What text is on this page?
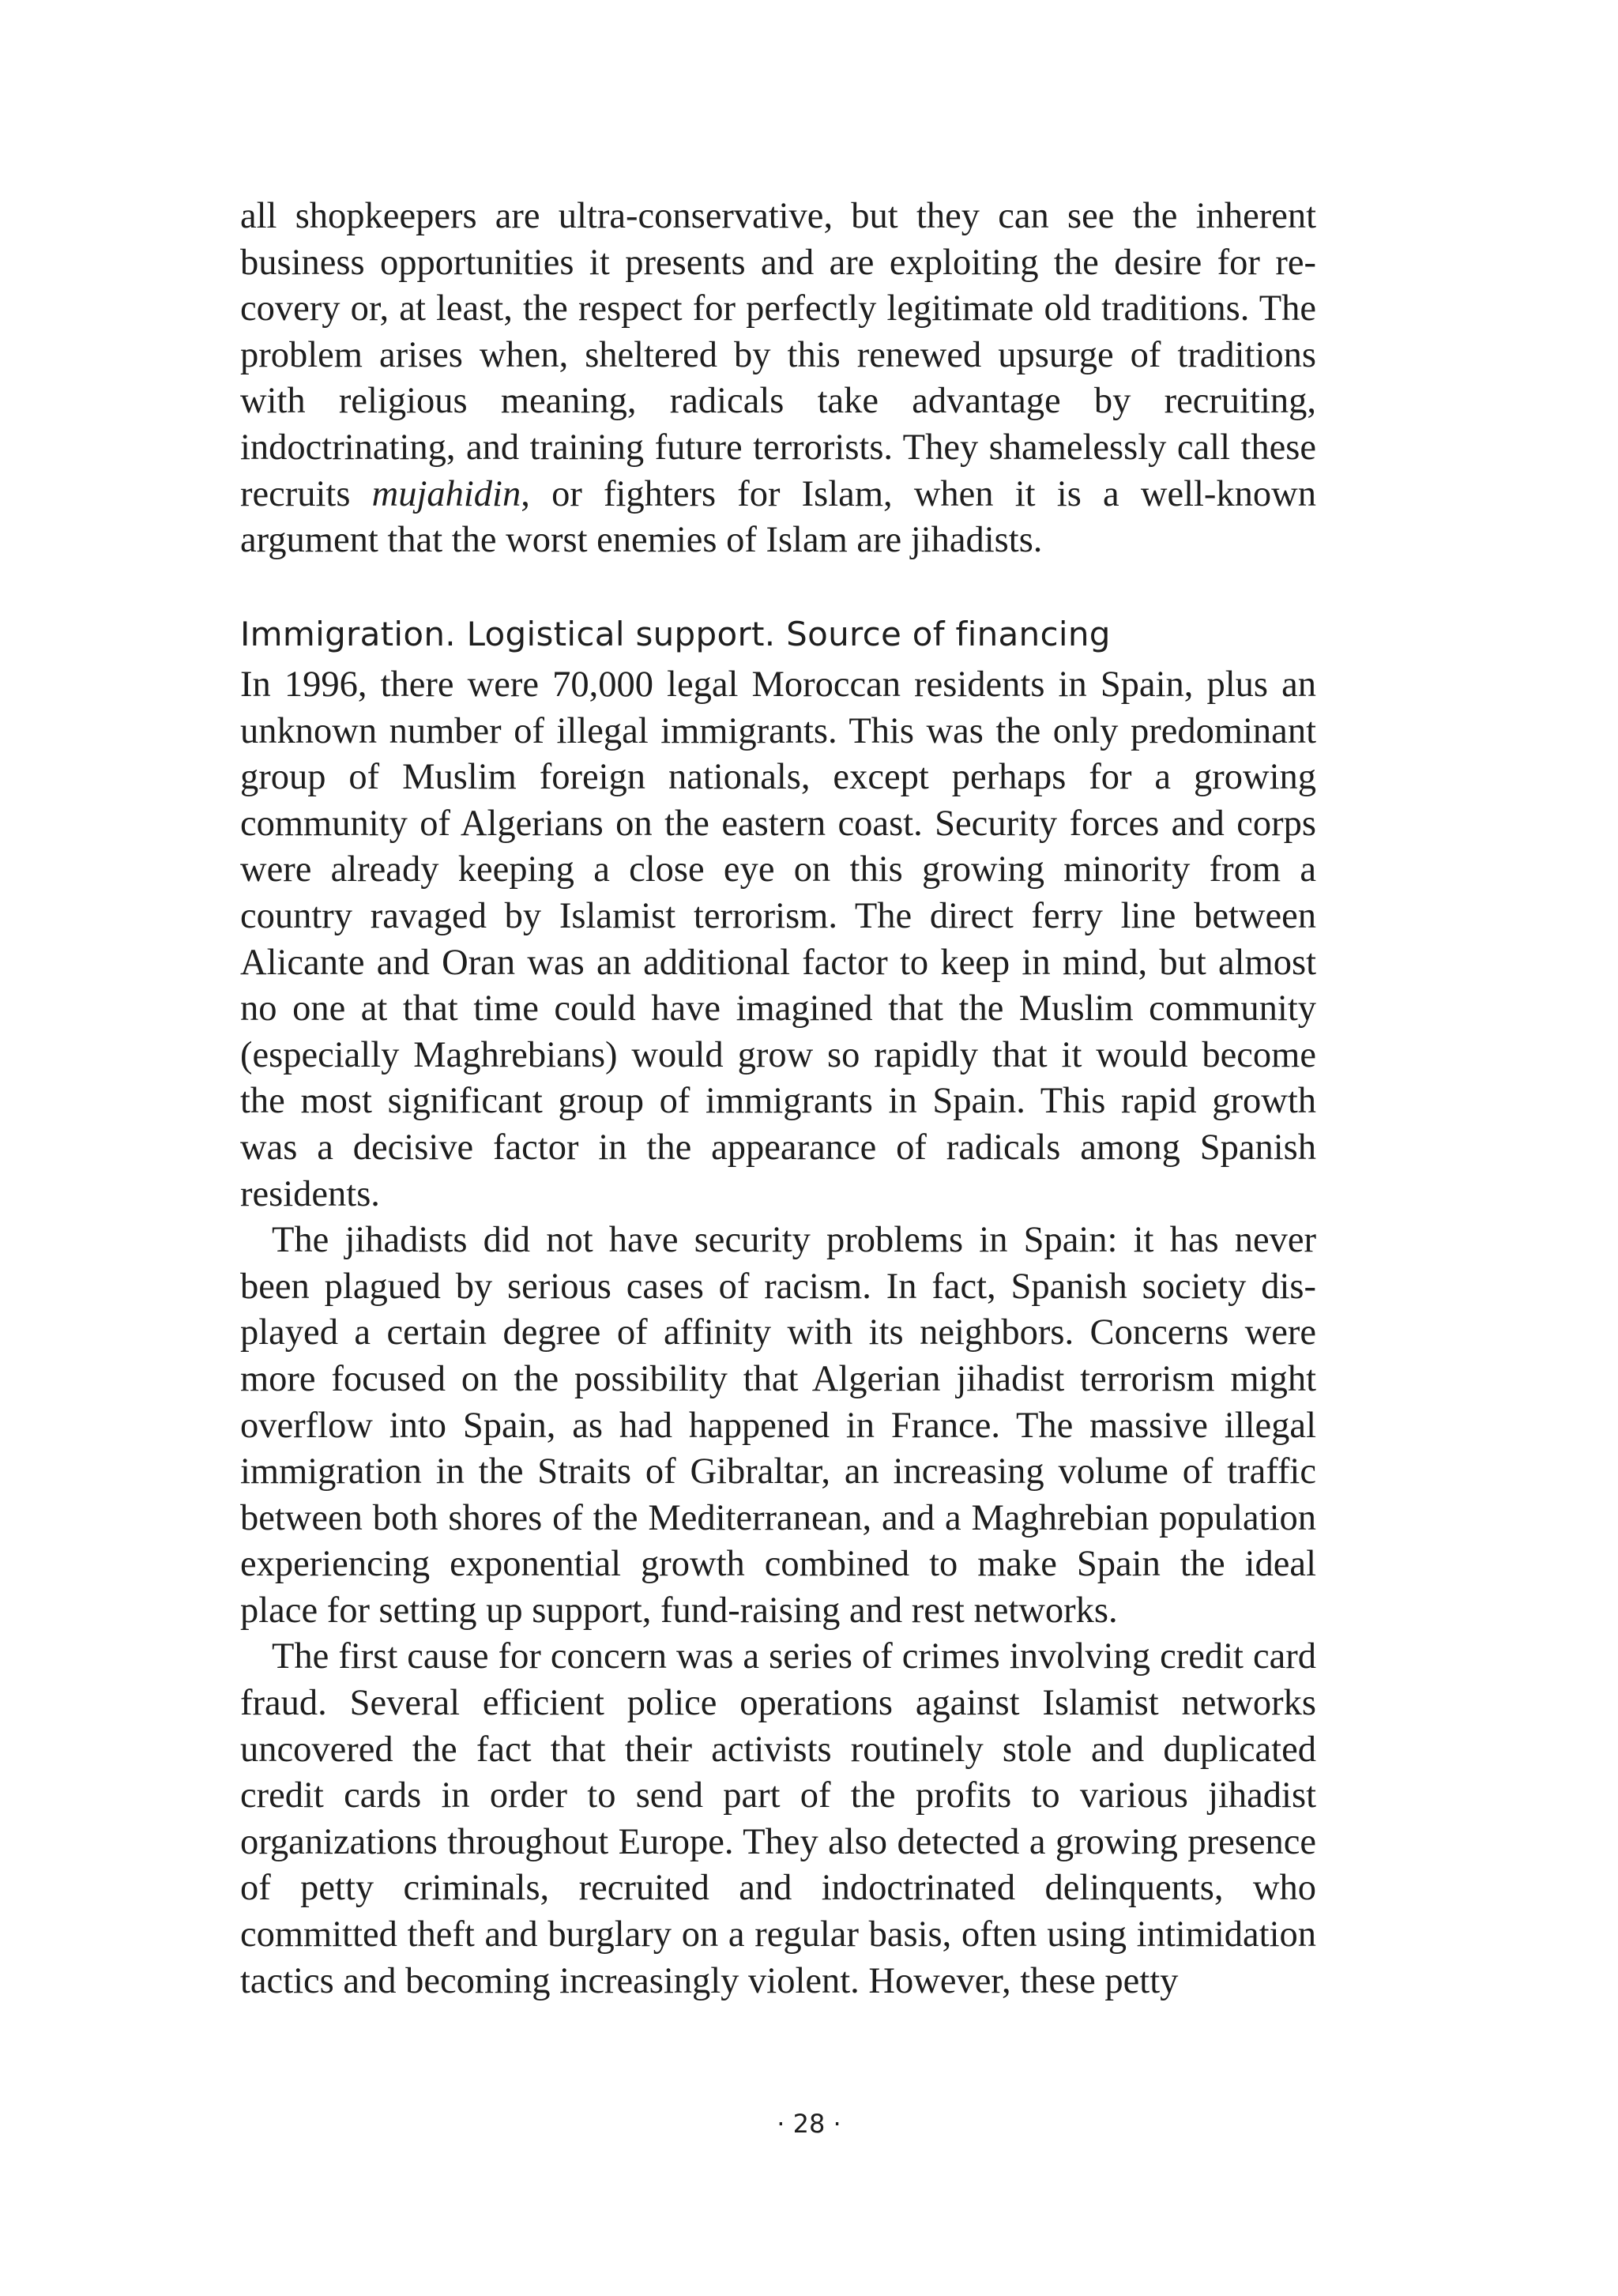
all shopkeepers are ultra-conservative, but they can see the inherent business opportunities it presents and are exploiting the desire for recovery or, at least, the respect for perfectly legitimate old traditions. The problem arises when, sheltered by this renewed upsurge of traditions with religious meaning, radicals take advantage by recruiting, indoctrinating, and training future terrorists. They shamelessly call these recruits mujahidin, or fighters for Islam, when it is a well-known argument that the worst enemies of Islam are jihadists.

Immigration. Logistical support. Source of financing

In 1996, there were 70,000 legal Moroccan residents in Spain, plus an unknown number of illegal immigrants. This was the only predominant group of Muslim foreign nationals, except perhaps for a growing community of Algerians on the eastern coast. Security forces and corps were already keeping a close eye on this growing minority from a country ravaged by Islamist terrorism. The direct ferry line between Alicante and Oran was an additional factor to keep in mind, but almost no one at that time could have imagined that the Muslim community (especially Maghrebians) would grow so rapidly that it would become the most significant group of immigrants in Spain. This rapid growth was a decisive factor in the appearance of radicals among Spanish residents.

The jihadists did not have security problems in Spain: it has never been plagued by serious cases of racism. In fact, Spanish society displayed a certain degree of affinity with its neighbors. Concerns were more focused on the possibility that Algerian jihadist terrorism might overflow into Spain, as had happened in France. The massive illegal immigration in the Straits of Gibraltar, an increasing volume of traffic between both shores of the Mediterranean, and a Maghrebian population experiencing exponential growth combined to make Spain the ideal place for setting up support, fund-raising and rest networks.

The first cause for concern was a series of crimes involving credit card fraud. Several efficient police operations against Islamist networks uncovered the fact that their activists routinely stole and duplicated credit cards in order to send part of the profits to various jihadist organizations throughout Europe. They also detected a growing presence of petty criminals, recruited and indoctrinated delinquents, who committed theft and burglary on a regular basis, often using intimidation tactics and becoming increasingly violent. However, these petty

· 28 ·
